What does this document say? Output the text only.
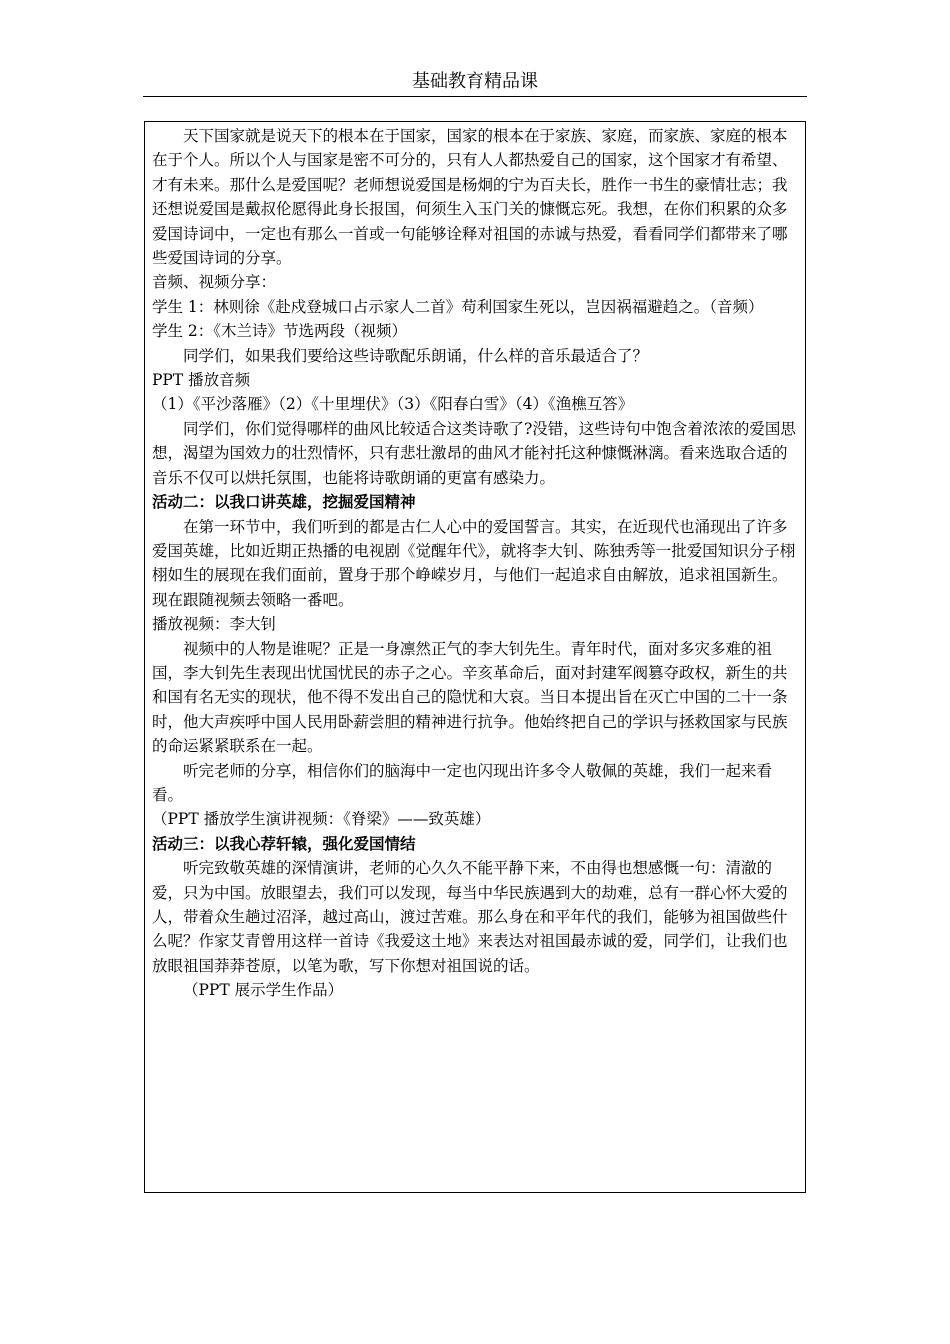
基础教育精品课

天下国家就是说天下的根本在于国家，国家的根本在于家族、家庭，而家族、家庭的根本在于个人。所以个人与国家是密不可分的，只有人人都热爱自己的国家，这个国家才有希望、才有未来。那什么是爱国呢？老师想说爱国是杨炯的宁为百夫长，胜作一书生的豪情壮志；我还想说爱国是戴叔伦愿得此身长报国，何须生入玉门关的慷慨忘死。我想，在你们积累的众多爱国诗词中，一定也有那么一首或一句能够诠释对祖国的赤诚与热爱，看看同学们都带来了哪些爱国诗词的分享。

音频、视频分享：

学生 1：林则徐《赴戍登城口占示家人二首》苟利国家生死以，岂因祸福避趋之。（音频）

学生 2：《木兰诗》节选两段（视频）

同学们，如果我们要给这些诗歌配乐朗诵，什么样的音乐最适合了？

PPT 播放音频

（1）《平沙落雁》（2）《十里埋伏》（3）《阳春白雪》（4）《渔樵互答》

同学们，你们觉得哪样的曲风比较适合这类诗歌了?没错，这些诗句中饱含着浓浓的爱国思想，渴望为国效力的壮烈情怀，只有悲壮激昂的曲风才能衬托这种慷慨淋漓。看来选取合适的音乐不仅可以烘托氛围，也能将诗歌朗诵的更富有感染力。

活动二：以我口讲英雄，挖掘爱国精神

在第一环节中，我们听到的都是古仁人心中的爱国誓言。其实，在近现代也涌现出了许多爱国英雄，比如近期正热播的电视剧《觉醒年代》，就将李大钊、陈独秀等一批爱国知识分子栩栩如生的展现在我们面前，置身于那个峥嵘岁月，与他们一起追求自由解放，追求祖国新生。现在跟随视频去领略一番吧。

播放视频：李大钊

视频中的人物是谁呢？正是一身凛然正气的李大钊先生。青年时代，面对多灾多难的祖国，李大钊先生表现出忧国忧民的赤子之心。辛亥革命后，面对封建军阀篡夺政权，新生的共和国有名无实的现状，他不得不发出自己的隐忧和大哀。当日本提出旨在灭亡中国的二十一条时，他大声疾呼中国人民用卧薪尝胆的精神进行抗争。他始终把自己的学识与拯救国家与民族的命运紧紧联系在一起。

听完老师的分享，相信你们的脑海中一定也闪现出许多令人敬佩的英雄，我们一起来看看。

（PPT 播放学生演讲视频：《脊梁》——致英雄）

活动三：以我心荐轩辕，强化爱国情结

听完致敬英雄的深情演讲，老师的心久久不能平静下来，不由得也想感慨一句：清澈的爱，只为中国。放眼望去，我们可以发现，每当中华民族遇到大的劫难，总有一群心怀大爱的人，带着众生趟过沼泽，越过高山，渡过苦难。那么身在和平年代的我们，能够为祖国做些什么呢？作家艾青曾用这样一首诗《我爱这土地》来表达对祖国最赤诚的爱，同学们，让我们也放眼祖国莽莽苍原，以笔为歌，写下你想对祖国说的话。

（PPT 展示学生作品）
